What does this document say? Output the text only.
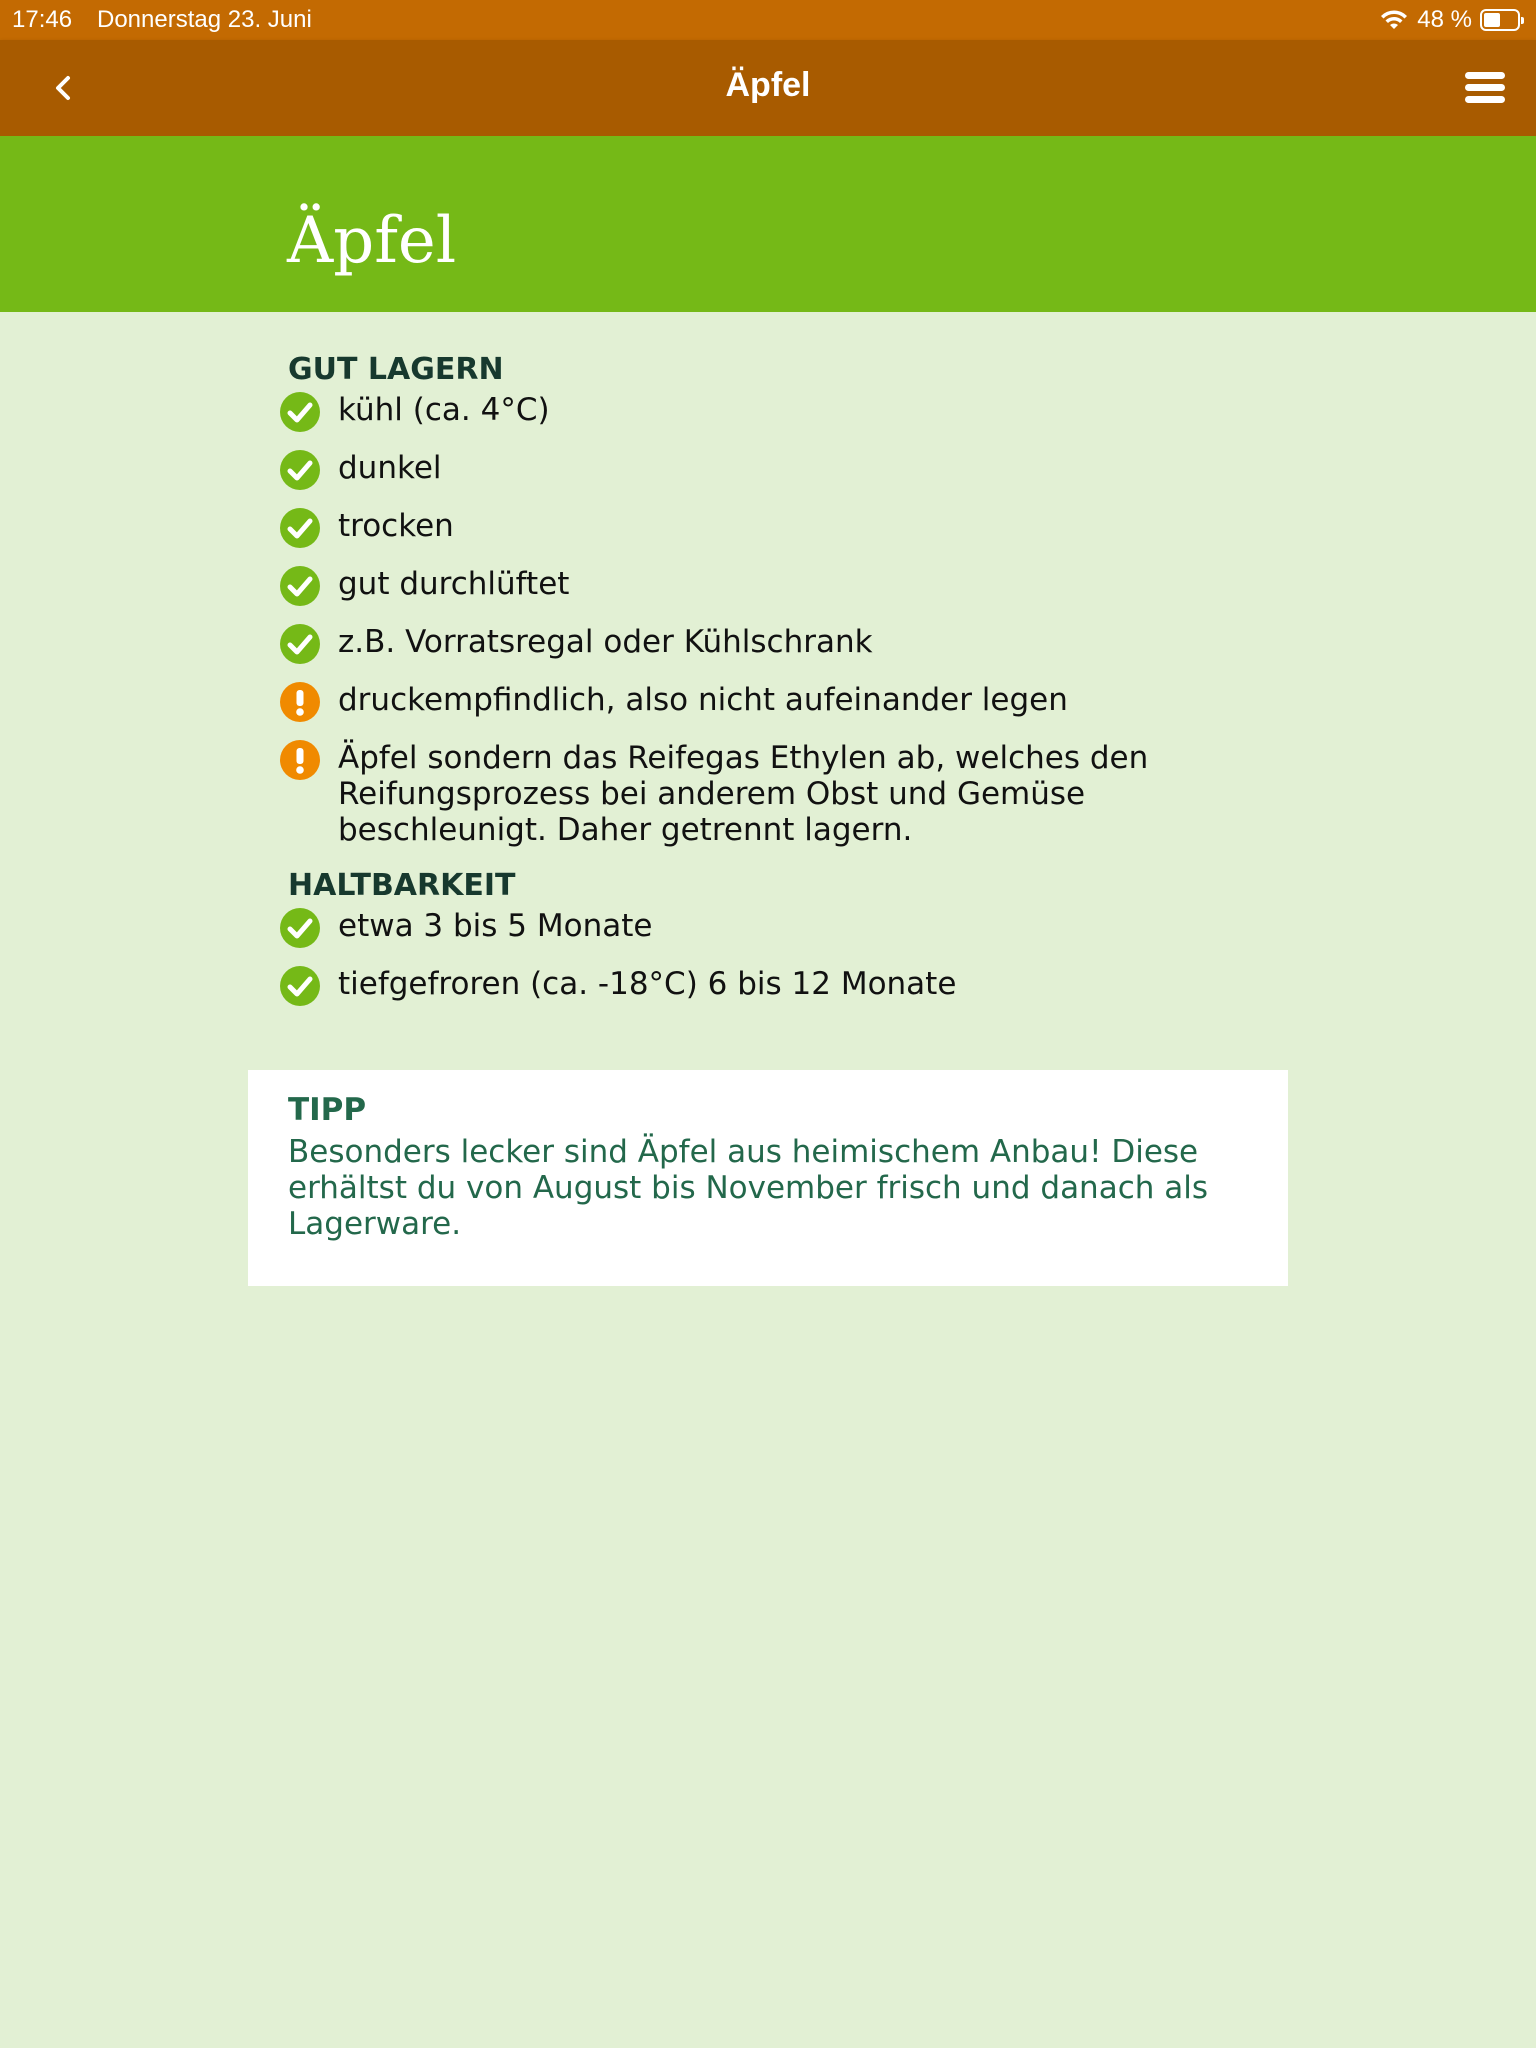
17:46 Donnerstag 23. Juni	48 %
Äpfel
Äpfel
GUT LAGERN
kühl (ca. 4°C)
dunkel
trocken
gut durchlüftet
z.B. Vorratsregal oder Kühlschrank
druckempfindlich, also nicht aufeinander legen
Äpfel sondern das Reifegas Ethylen ab, welches den Reifungsprozess bei anderem Obst und Gemüse beschleunigt. Daher getrennt lagern.
HALTBARKEIT
etwa 3 bis 5 Monate
tiefgefroren (ca. -18°C) 6 bis 12 Monate
TIPP
Besonders lecker sind Äpfel aus heimischem Anbau! Diese erhältst du von August bis November frisch und danach als Lagerware.
